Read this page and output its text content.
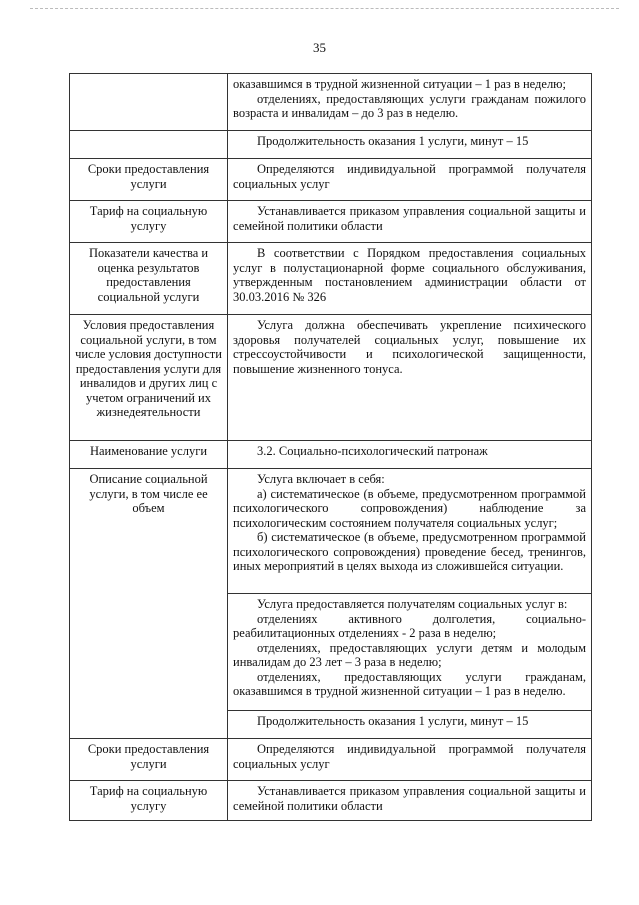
35

	оказавшимся в трудной жизненной ситуации – 1 раз в неделю;

отделениях, предоставляющих услуги гражданам пожилого возраста и инвалидам – до 3 раз в неделю.

	Продолжительность оказания 1 услуги, минут – 15

Сроки предоставления услуги	Определяются индивидуальной программой получателя социальных услуг

Тариф на социальную услугу	Устанавливается приказом управления социальной защиты и семейной политики области

Показатели качества и оценка результатов предоставления социальной услуги	В соответствии с Порядком предоставления социальных услуг в полустационарной форме социального обслуживания, утвержденным постановлением администрации области от 30.03.2016 № 326

Условия предоставления социальной услуги, в том числе условия доступности предоставления услуги для инвалидов и других лиц с учетом ограничений их жизнедеятельности	Услуга должна обеспечивать укрепление психического здоровья получателей социальных услуг, повышение их стрессоустойчивости и психологической защищенности, повышение жизненного тонуса.

Наименование услуги	3.2. Социально-психологический патронаж

Описание социальной услуги, в том числе ее объем	Услуга включает в себя:

а) систематическое (в объеме, предусмотренном программой психологического сопровождения) наблюдение за психологическим состоянием получателя социальных услуг;

б) систематическое (в объеме, предусмотренном программой психологического сопровождения) проведение бесед, тренингов, иных мероприятий в целях выхода из сложившейся ситуации.

	Услуга предоставляется получателям социальных услуг в:

отделениях активного долголетия, социально-реабилитационных отделениях - 2 раза в неделю;

отделениях, предоставляющих услуги детям и молодым инвалидам до 23 лет – 3 раза в неделю;

отделениях, предоставляющих услуги гражданам, оказавшимся в трудной жизненной ситуации – 1 раз в неделю.

	Продолжительность оказания 1 услуги, минут – 15

Сроки предоставления услуги	Определяются индивидуальной программой получателя социальных услуг

Тариф на социальную услугу	Устанавливается приказом управления социальной защиты и семейной политики области
